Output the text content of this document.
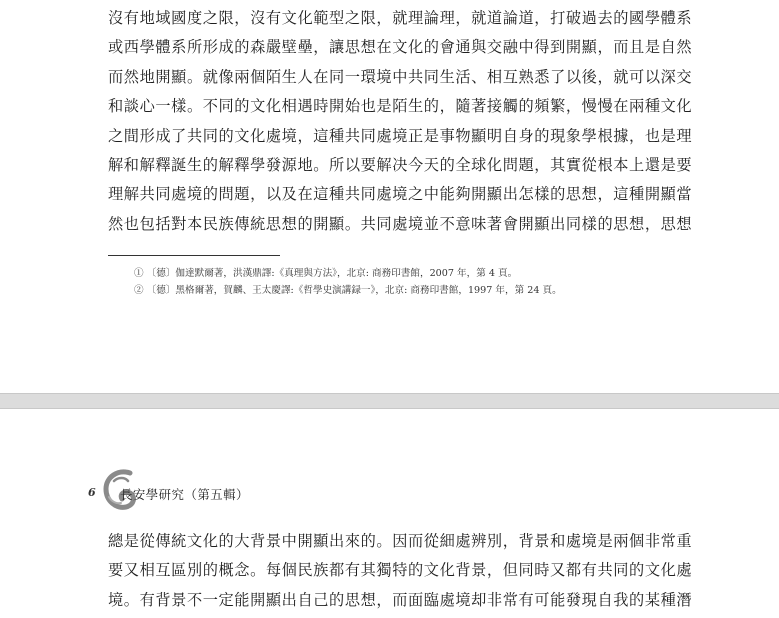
沒有地域國度之限，沒有文化範型之限，就理論理，就道論道，打破過去的國學體系
或西學體系所形成的森嚴壁壘，讓思想在文化的會通與交融中得到開顯，而且是自然
而然地開顯。就像兩個陌生人在同一環境中共同生活、相互熟悉了以後，就可以深交
和談心一樣。不同的文化相遇時開始也是陌生的，隨著接觸的頻繁，慢慢在兩種文化
之間形成了共同的文化處境，這種共同處境正是事物顯明自身的現象學根據，也是理
解和解釋誕生的解釋學發源地。所以要解决今天的全球化問題，其實從根本上還是要
理解共同處境的問題，以及在這種共同處境之中能夠開顯出怎樣的思想，這種開顯當
然也包括對本民族傳統思想的開顯。共同處境並不意味著會開顯出同樣的思想，思想
① 〔德〕伽達默爾著，洪漢鼎譯:《真理與方法》，北京: 商務印書館，2007 年，第 4 頁。
② 〔德〕黑格爾著，賀麟、王太慶譯:《哲學史演講録一》，北京: 商務印書館，1997 年，第 24 頁。
6 長安學研究（第五輯）
總是從傳統文化的大背景中開顯出來的。因而從細處辨別，背景和處境是兩個非常重
要又相互區別的概念。每個民族都有其獨特的文化背景，但同時又都有共同的文化處
境。有背景不一定能開顯出自己的思想，而面臨處境却非常有可能發現自我的某種潛
